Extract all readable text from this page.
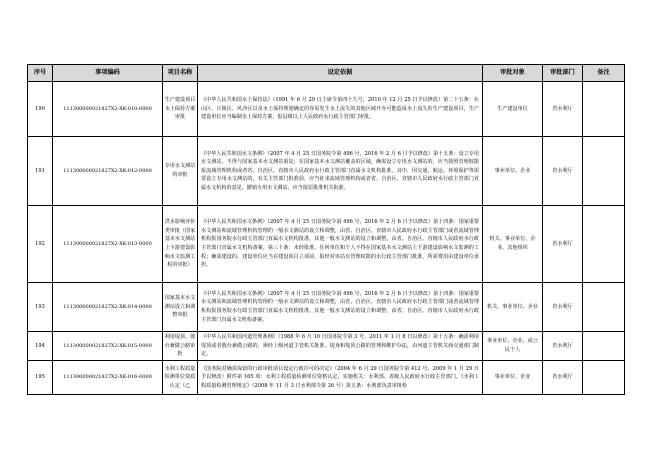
序号	事项编码	项目名称	设定依据	审批对象	审批部门	备注
190	11130000002182​7X2-XK-010-0000	生产建设项目水土保持方案审批	《中华人民共和国水土保持法》（1991 年 6 月 29 日主席令第四十九号，2010 年 12 月 25 日予以修改）第二十五条：在山区、丘陵区、风沙区以及水土保持规划确定的容易发生水土流失的其他区域开办可能造成水土流失的生产建设项目，生产建设单位应当编制水土保持方案，报县级以上人民政府水行政主管部门审批。	生产建设单位	省水利厅	
191	11130000002182​7X2-XK-012-0000	专用水文测站的审批	《中华人民共和国水文条例》（2007 年 4 月 25 日国务院令第 496 号，2016 年 2 月 6 日予以修改）第十五条：设立专用水文测站，不得与国家基本水文测站重复；在国家基本水文测站覆盖的区域，确需设立专用水文测站的，应当按照管理权限报流域管理机构或者省、自治区、直辖市人民政府水行政主管部门直属水文机构批准。其中，因交通、航运、环境保护等需要设立专用水文测站的，有关主管部门批准前，应当征求流域管理机构或者省、自治区、直辖市人民政府水行政主管部门直属水文机构的意见。撤销专用水文测站，应当报原批准机关批准。	事业单位、企业	省水利厅	
192	11130000002182​7X2-XK-013-0000	洪水影响评价类审批（国家基本水文测站上下游建设影响水文监测工程的审批）	《中华人民共和国水文条例》（2007 年 4 月 25 日国务院令第 496 号，2016 年 2 月 6 日予以修改）第十四条：国家重要水文测站和流域管理机构管理的一般水文测站的设立和调整，由省、自治区、直辖市人民政府水行政主管部门或者流域管理机构报国务院水行政主管部门直属水文机构批准。其他一般水文测站的设立和调整，由省、自治区、直辖市人民政府水行政主管部门直属水文机构备案。第三十条：未经批准，任何单位和个人不得在国家基本水文测站上下游建设影响水文监测的工程；确需建设的，建设单位应当在建设项目立项前，报经对该站有管理权限的水行政主管部门批准，所需费用由建设单位承担。	机关、事业单位、企业、其他组织	省水利厅	
193	11130000002182​7X2-XK-014-0000	国家基本水文测站设立和调整审批	《中华人民共和国水文条例》（2007 年 4 月 25 日国务院令第 496 号，2016 年 2 月 6 日予以修改）第十四条：国家重要水文测站和流域管理机构管理的一般水文测站的设立和调整，由省、自治区、直辖市人民政府水行政主管部门或者流域管理机构报国务院水行政主管部门直属水文机构批准。其他一般水文测站的设立和调整，由省、自治区、直辖市人民政府水行政主管部门直属水文机构备案。	机关、事业单位、企业	省水利厅	
194	11130000002182​7X2-XK-015-0000	利用堤顶、戗台兼做公路审批	《中华人民共和国河道管理条例》（1988 年 6 月 10 日国务院令第 3 号，2011 年 1 月 8 日以修改）第十五条：确需利用堤顶或者戗台兼做公路的，须经上级河道主管机关批准。堤身和堤顶公路的管理和维护办法，由河道主管机关商交通部门制定。	事业单位、企业、或公民个人	省水利厅	
195	11130000002182​7X2-XK-016-0000	水利工程质量检测单位资质认定（乙	《国务院对确需保留的行政审批项目设定行政许可的决定》（2004 年 6 月 29 日国务院令第 412 号，2009 年 1 月 29 日予以修改）附件第 165 项：水利工程质量检测单位资格认定，实施机关：水利部、省级人民政府水行政主管部门。《水利工程质量检测管理规定》（2008 年 11 月 3 日水利部令第 36 号）第五条：水利部负责审批检	事业单位、企业	省水利厅	
